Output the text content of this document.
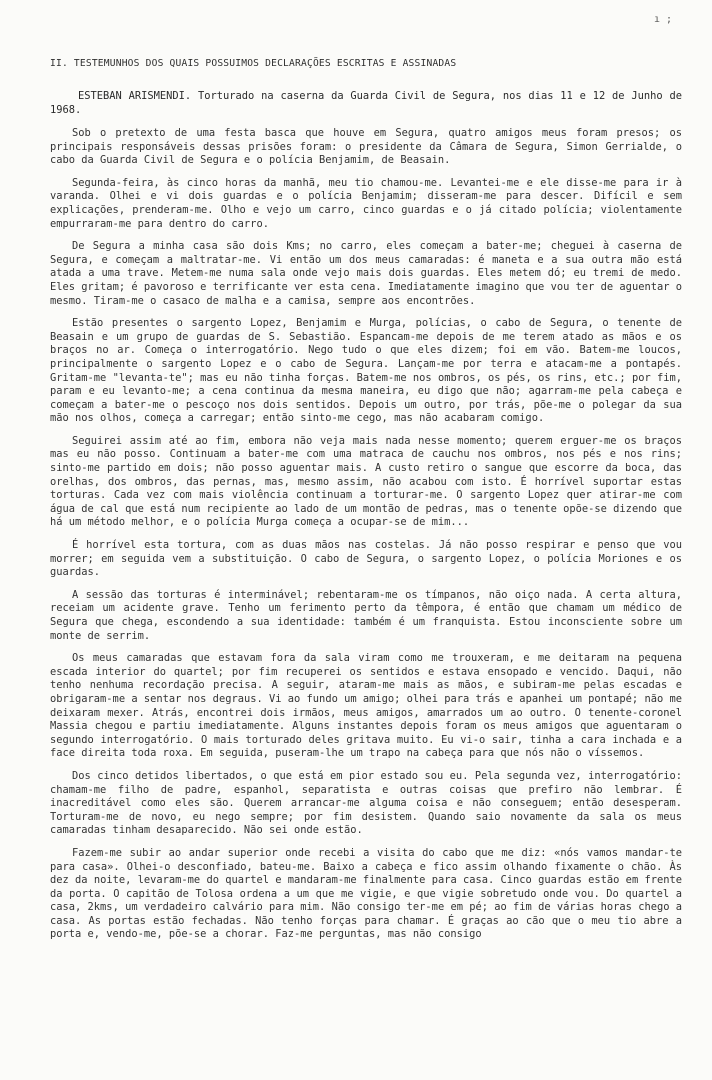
ı ;
II. TESTEMUNHOS DOS QUAIS POSSUIMOS DECLARAÇÕES ESCRITAS E ASSINADAS

ESTEBAN ARISMENDI. Torturado na caserna da Guarda Civil de Segura, nos dias 11 e 12 de Junho de 1968.

Sob o pretexto de uma festa basca que houve em Segura, quatro amigos meus foram presos; os principais responsáveis dessas prisões foram: o presidente da Câmara de Segura, Simon Gerrialde, o cabo da Guarda Civil de Segura e o polícia Benjamim, de Beasain.

Segunda-feira, às cinco horas da manhã, meu tio chamou-me. Levantei-me e ele disse-me para ir à varanda. Olhei e vi dois guardas e o polícia Benjamim; disseram-me para descer. Difícil e sem explicações, prenderam-me. Olho e vejo um carro, cinco guardas e o já citado polícia; violentamente empurraram-me para dentro do carro.

De Segura a minha casa são dois Kms; no carro, eles começam a bater-me; cheguei à caserna de Segura, e começam a maltratar-me. Vi então um dos meus camaradas: é maneta e a sua outra mão está atada a uma trave. Metem-me numa sala onde vejo mais dois guardas. Eles metem dó; eu tremi de medo. Eles gritam; é pavoroso e terrificante ver esta cena. Imediatamente imagino que vou ter de aguentar o mesmo. Tiram-me o casaco de malha e a camisa, sempre aos encontrões.

Estão presentes o sargento Lopez, Benjamim e Murga, polícias, o cabo de Segura, o tenente de Beasain e um grupo de guardas de S. Sebastião. Espancam-me depois de me terem atado as mãos e os braços no ar. Começa o interrogatório. Nego tudo o que eles dizem; foi em vão. Batem-me loucos, principalmente o sargento Lopez e o cabo de Segura. Lançam-me por terra e atacam-me a pontapés. Gritam-me "levanta-te"; mas eu não tinha forças. Batem-me nos ombros, os pés, os rins, etc.; por fim, param e eu levanto-me; a cena continua da mesma maneira, eu digo que não; agarram-me pela cabeça e começam a bater-me o pescoço nos dois sentidos. Depois um outro, por trás, põe-me o polegar da sua mão nos olhos, começa a carregar; então sinto-me cego, mas não acabaram comigo.

Seguirei assim até ao fim, embora não veja mais nada nesse momento; querem erguer-me os braços mas eu não posso. Continuam a bater-me com uma matraca de cauchu nos ombros, nos pés e nos rins; sinto-me partido em dois; não posso aguentar mais. A custo retiro o sangue que escorre da boca, das orelhas, dos ombros, das pernas, mas, mesmo assim, não acabou com isto. É horrível suportar estas torturas. Cada vez com mais violência continuam a torturar-me. O sargento Lopez quer atirar-me com água de cal que está num recipiente ao lado de um montão de pedras, mas o tenente opõe-se dizendo que há um método melhor, e o polícia Murga começa a ocupar-se de mim...

É horrível esta tortura, com as duas mãos nas costelas. Já não posso respirar e penso que vou morrer; em seguida vem a substituição. O cabo de Segura, o sargento Lopez, o polícia Moriones e os guardas.

A sessão das torturas é interminável; rebentaram-me os tímpanos, não oiço nada. A certa altura, receiam um acidente grave. Tenho um ferimento perto da têmpora, é então que chamam um médico de Segura que chega, escondendo a sua identidade: também é um franquista. Estou inconsciente sobre um monte de serrim.

Os meus camaradas que estavam fora da sala viram como me trouxeram, e me deitaram na pequena escada interior do quartel; por fim recuperei os sentidos e estava ensopado e vencido. Daqui, não tenho nenhuma recordação precisa. A seguir, ataram-me mais as mãos, e subiram-me pelas escadas e obrigaram-me a sentar nos degraus. Vi ao fundo um amigo; olhei para trás e apanhei um pontapé; não me deixaram mexer. Atrás, encontrei dois irmãos, meus amigos, amarrados um ao outro. O tenente-coronel Massia chegou e partiu imediatamente. Alguns instantes depois foram os meus amigos que aguentaram o segundo interrogatório. O mais torturado deles gritava muito. Eu vi-o sair, tinha a cara inchada e a face direita toda roxa. Em seguida, puseram-lhe um trapo na cabeça para que nós não o víssemos.

Dos cinco detidos libertados, o que está em pior estado sou eu. Pela segunda vez, interrogatório: chamam-me filho de padre, espanhol, separatista e outras coisas que prefiro não lembrar. É inacreditável como eles são. Querem arrancar-me alguma coisa e não conseguem; então desesperam. Torturam-me de novo, eu nego sempre; por fim desistem. Quando saio novamente da sala os meus camaradas tinham desaparecido. Não sei onde estão.

Fazem-me subir ao andar superior onde recebi a visita do cabo que me diz: «nós vamos mandar-te para casa». Olhei-o desconfiado, bateu-me. Baixo a cabeça e fico assim olhando fixamente o chão. Às dez da noite, levaram-me do quartel e mandaram-me finalmente para casa. Cinco guardas estão em frente da porta. O capitão de Tolosa ordena a um que me vigie, e que vigie sobretudo onde vou. Do quartel a casa, 2kms, um verdadeiro calvário para mim. Não consigo ter-me em pé; ao fim de várias horas chego a casa. As portas estão fechadas. Não tenho forças para chamar. É graças ao cão que o meu tio abre a porta e, vendo-me, põe-se a chorar. Faz-me perguntas, mas não consigo
